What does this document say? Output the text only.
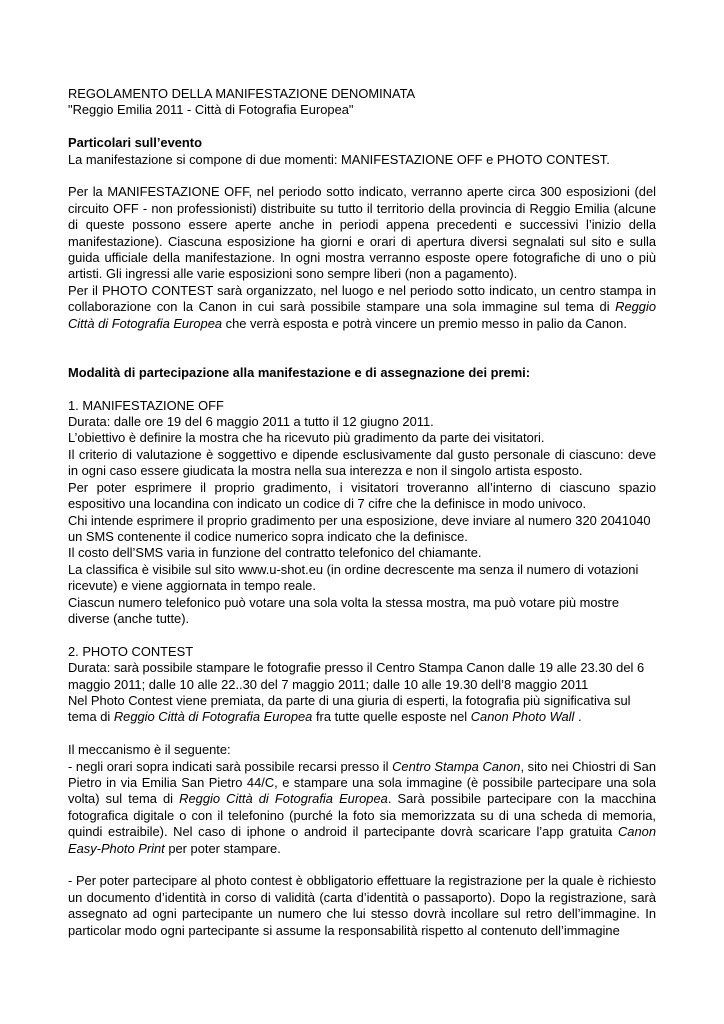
REGOLAMENTO DELLA MANIFESTAZIONE DENOMINATA

"Reggio Emilia 2011 - Città di Fotografia Europea"

Particolari sull’evento

La manifestazione si compone di due momenti: MANIFESTAZIONE OFF e PHOTO CONTEST.

Per la MANIFESTAZIONE OFF, nel periodo sotto indicato, verranno aperte circa 300 esposizioni (del circuito OFF - non professionisti) distribuite su tutto il territorio della provincia di Reggio Emilia (alcune di queste possono essere aperte anche in periodi appena precedenti e successivi l’inizio della manifestazione). Ciascuna esposizione ha giorni e orari di apertura diversi segnalati sul sito e sulla guida ufficiale della manifestazione. In ogni mostra verranno esposte opere fotografiche di uno o più artisti. Gli ingressi alle varie esposizioni sono sempre liberi (non a pagamento).

Per il PHOTO CONTEST sarà organizzato, nel luogo e nel periodo sotto indicato, un centro stampa in collaborazione con la Canon in cui sarà possibile stampare una sola immagine sul tema di Reggio Città di Fotografia Europea che verrà esposta e potrà vincere un premio messo in palio da Canon.

Modalità di partecipazione alla manifestazione e di assegnazione dei premi:

1. MANIFESTAZIONE OFF

Durata: dalle ore 19 del 6 maggio 2011 a tutto il 12 giugno 2011.

L’obiettivo è definire la mostra che ha ricevuto più gradimento da parte dei visitatori.

Il criterio di valutazione è soggettivo e dipende esclusivamente dal gusto personale di ciascuno: deve in ogni caso essere giudicata la mostra nella sua interezza e non il singolo artista esposto.

Per poter esprimere il proprio gradimento, i visitatori troveranno all’interno di ciascuno spazio espositivo una locandina con indicato un codice di 7 cifre che la definisce in modo univoco.

Chi intende esprimere il proprio gradimento per una esposizione, deve inviare al numero 320 2041040 un SMS contenente il codice numerico sopra indicato che la definisce.

Il costo dell’SMS varia in funzione del contratto telefonico del chiamante.

La classifica è visibile sul sito www.u-shot.eu (in ordine decrescente ma senza il numero di votazioni ricevute) e viene aggiornata in tempo reale.

Ciascun numero telefonico può votare una sola volta la stessa mostra, ma può votare più mostre diverse (anche tutte).

2. PHOTO CONTEST

Durata: sarà possibile stampare le fotografie presso il Centro Stampa Canon dalle 19 alle 23.30 del 6 maggio 2011; dalle 10 alle 22..30 del 7 maggio 2011; dalle 10 alle 19.30 dell’8 maggio 2011

Nel Photo Contest viene premiata, da parte di una giuria di esperti, la fotografia più significativa sul tema di Reggio Città di Fotografia Europea fra tutte quelle esposte nel Canon Photo Wall .

Il meccanismo è il seguente:

- negli orari sopra indicati sarà possibile recarsi presso il Centro Stampa Canon, sito nei Chiostri di San Pietro in via Emilia San Pietro 44/C, e stampare una sola immagine (è possibile partecipare una sola volta) sul tema di Reggio Città di Fotografia Europea. Sarà possibile partecipare con la macchina fotografica digitale o con il telefonino (purché la foto sia memorizzata su di una scheda di memoria, quindi estraibile). Nel caso di iphone o android il partecipante dovrà scaricare l’app gratuita Canon Easy-Photo Print per poter stampare.

- Per poter partecipare al photo contest è obbligatorio effettuare la registrazione per la quale è richiesto un documento d’identità in corso di validità (carta d’identità o passaporto). Dopo la registrazione, sarà assegnato ad ogni partecipante un numero che lui stesso dovrà incollare sul retro dell’immagine. In particolar modo ogni partecipante si assume la responsabilità rispetto al contenuto dell’immagine
